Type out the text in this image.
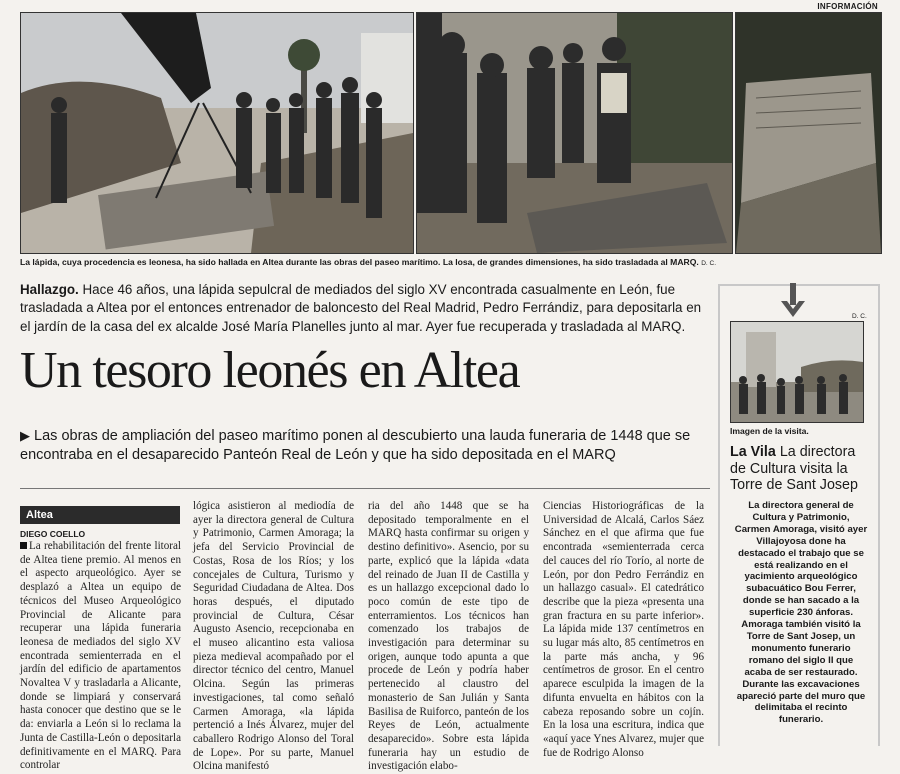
INFORMACIÓN
La lápida, cuya procedencia es leonesa, ha sido hallada en Altea durante las obras del paseo marítimo. La losa, de grandes dimensiones, ha sido trasladada al MARQ. D. C.
Hallazgo. Hace 46 años, una lápida sepulcral de mediados del siglo XV encontrada casualmente en León, fue trasladada a Altea por el entonces entrenador de baloncesto del Real Madrid, Pedro Ferrándiz, para depositarla en el jardín de la casa del ex alcalde José María Planelles junto al mar. Ayer fue recuperada y trasladada al MARQ.
Un tesoro leonés en Altea
▶ Las obras de ampliación del paseo marítimo ponen al descubierto una lauda funeraria de 1448 que se encontraba en el desaparecido Panteón Real de León y que ha sido depositada en el MARQ
Altea
DIEGO COELLO
La rehabilitación del frente litoral de Altea tiene premio. Al menos en el aspecto arqueológico. Ayer se desplazó a Altea un equipo de técnicos del Museo Arqueológico Provincial de Alicante para recuperar una lápida funeraria leonesa de mediados del siglo XV encontrada semienterrada en el jardín del edificio de apartamentos Novaltea V y trasladarla a Alicante, donde se limpiará y conservará hasta conocer que destino que se le da: enviarla a León si lo reclama la Junta de Castilla-León o depositarla definitivamente en el MARQ. Para controlar
lógica asistieron al mediodía de ayer la directora general de Cultura y Patrimonio, Carmen Amoraga; la jefa del Servicio Provincial de Costas, Rosa de los Ríos; y los concejales de Cultura, Turismo y Seguridad Ciudadana de Altea. Dos horas después, el diputado provincial de Cultura, César Augusto Asencio, recepcionaba en el museo alicantino esta valiosa pieza medieval acompañado por el director técnico del centro, Manuel Olcina. Según las primeras investigaciones, tal como señaló Carmen Amoraga, «la lápida pertenció a Inés Álvarez, mujer del caballero Rodrigo Alonso del Toral de Lope». Por su parte, Manuel Olcina manifestó
ria del año 1448 que se ha depositado temporalmente en el MARQ hasta confirmar su origen y destino definitivo». Asencio, por su parte, explicó que la lápida «data del reinado de Juan II de Castilla y es un hallazgo excepcional dado lo poco común de este tipo de enterramientos. Los técnicos han comenzado los trabajos de investigación para determinar su origen, aunque todo apunta a que procede de León y podría haber pertenecido al claustro del monasterio de San Julián y Santa Basilisa de Ruiforco, panteón de los Reyes de León, actualmente desaparecido». Sobre esta lápida funeraria hay un estudio de investigación elabo-
Ciencias Historiográficas de la Universidad de Alcalá, Carlos Sáez Sánchez en el que afirma que fue encontrada «semienterrada cerca del cauces del río Torío, al norte de León, por don Pedro Ferrándiz en un hallazgo casual». El catedrático describe que la pieza «presenta una gran fractura en su parte inferior». La lápida mide 137 centímetros en su lugar más alto, 85 centímetros en la parte más ancha, y 96 centímetros de grosor. En el centro aparece esculpida la imagen de la difunta envuelta en hábitos con la cabeza reposando sobre un cojín. En la losa una escritura, indica que «aquí yace Ynes Alvarez, mujer que fue de Rodrigo Alonso
D. C.
Imagen de la visita.
La Vila La directora de Cultura visita la Torre de Sant Josep
La directora general de Cultura y Patrimonio, Carmen Amoraga, visitó ayer Villajoyosa done ha destacado el trabajo que se está realizando en el yacimiento arqueológico subacuático Bou Ferrer, donde se han sacado a la superficie 230 ánforas. Amoraga también visitó la Torre de Sant Josep, un monumento funerario romano del siglo II que acaba de ser restaurado. Durante las excavaciones apareció parte del muro que delimitaba el recinto funerario.
